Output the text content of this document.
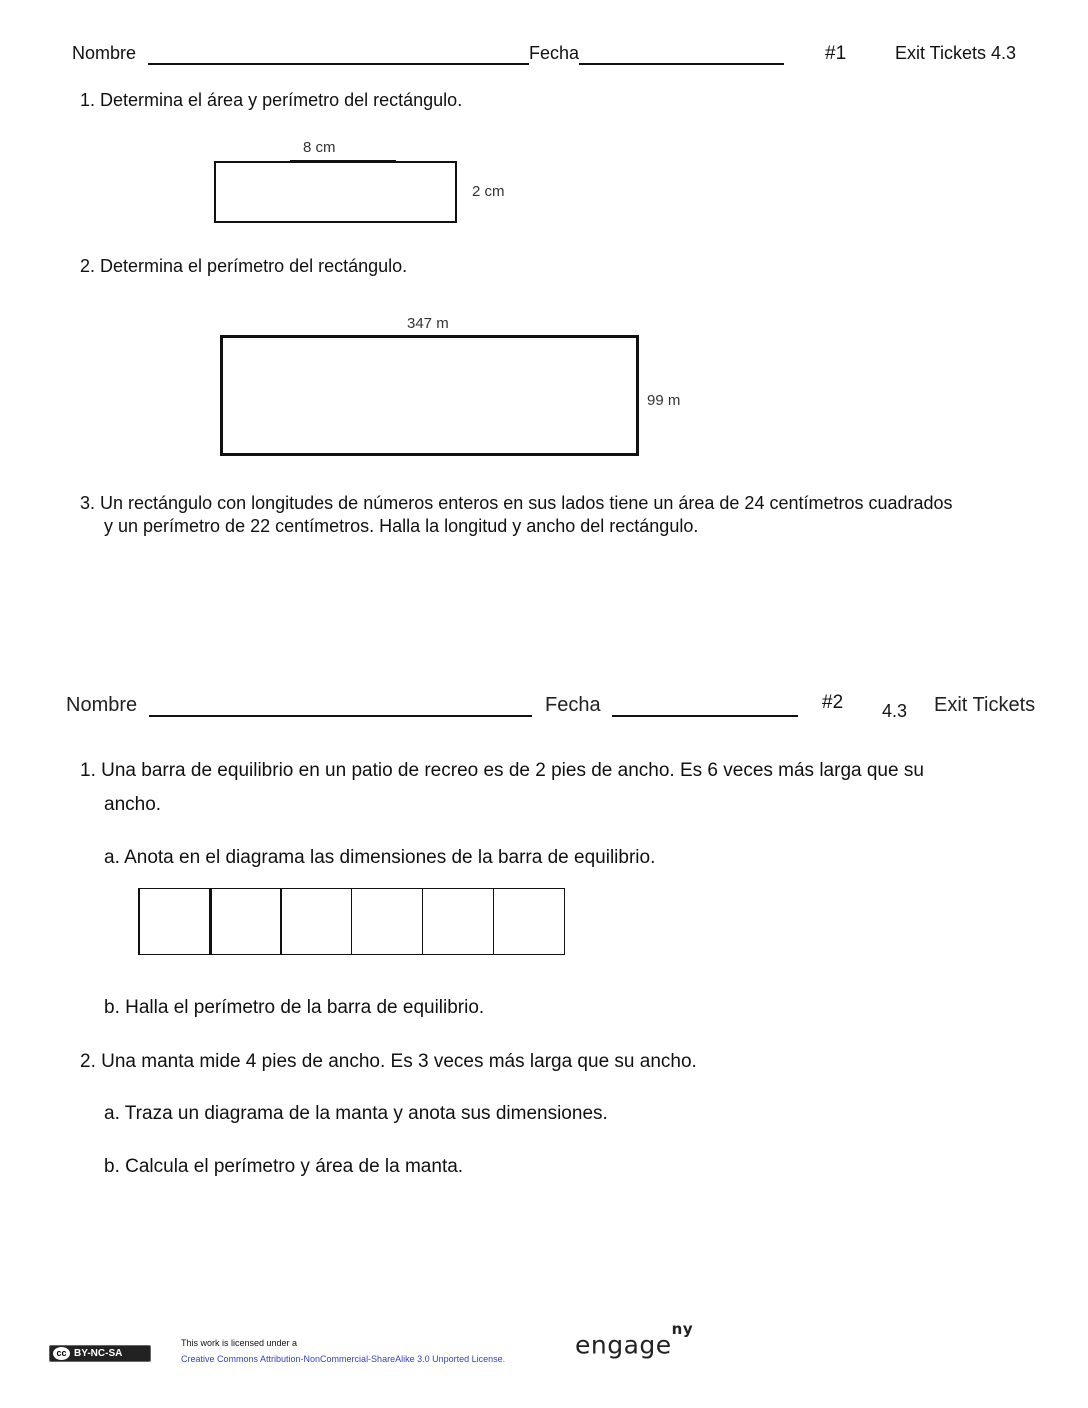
Nombre	Fecha	#1	Exit Tickets 4.3
1. Determina el área y perímetro del rectángulo.
8 cm
2 cm
2. Determina el perímetro del rectángulo.
347 m
99 m
3. Un rectángulo con longitudes de números enteros en sus lados tiene un área de 24 centímetros cuadrados
y un perímetro de 22 centímetros. Halla la longitud y ancho del rectángulo.
Nombre	Fecha	#2 4.3 Exit Tickets
1. Una barra de equilibrio en un patio de recreo es de 2 pies de ancho. Es 6 veces más larga que su
ancho.
a. Anota en el diagrama las dimensiones de la barra de equilibrio.
b. Halla el perímetro de la barra de equilibrio.
2. Una manta mide 4 pies de ancho. Es 3 veces más larga que su ancho.
a. Traza un diagrama de la manta y anota sus dimensiones.
b. Calcula el perímetro y área de la manta.
cc BY-NC-SA
This work is licensed under a
Creative Commons Attribution-NonCommercial-ShareAlike 3.0 Unported License.	engage$^{ny}$
